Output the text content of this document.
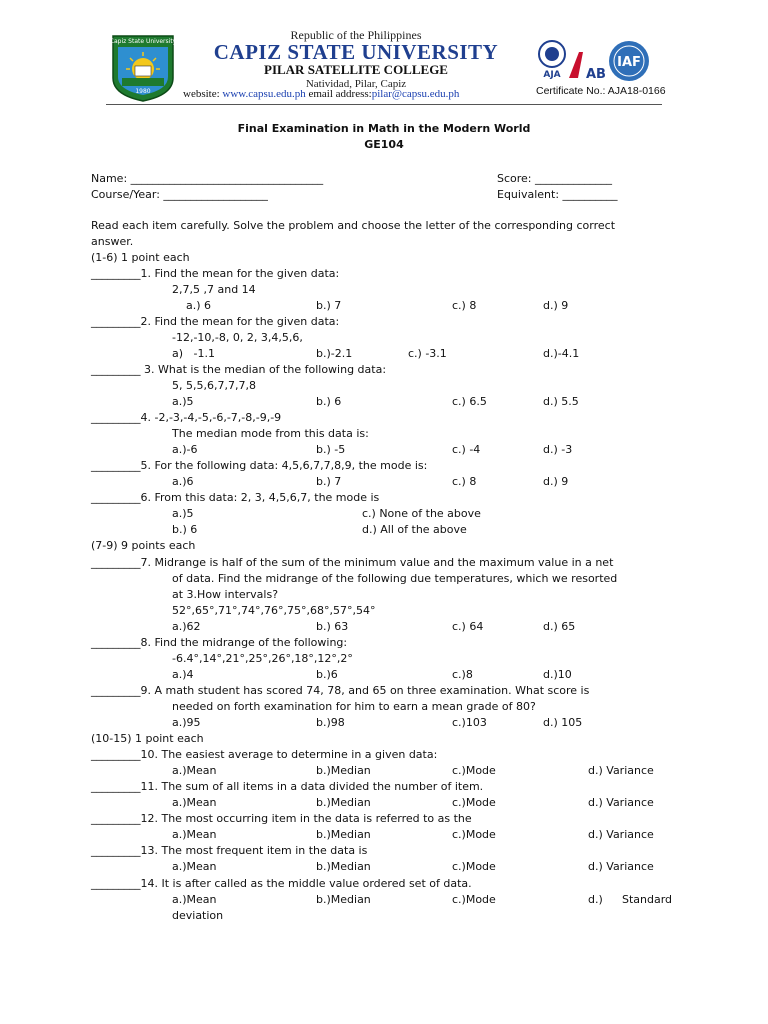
Capiz State University
1980
Republic of the Philippines
CAPIZ STATE UNIVERSITY
PILAR SATELLITE COLLEGE
Natividad, Pilar, Capiz
website: www.capsu.edu.ph email address:pilar@capsu.edu.ph
AJA AB
IAF
Certificate No.: AJA18-0166
Final Examination in Math in the Modern World
GE104
Name: ___________________________________	Score: ______________
Course/Year: ___________________	Equivalent: __________
Read each item carefully. Solve the problem and choose the letter of the corresponding correct
answer.
(1-6) 1 point each
_________1. Find the mean for the given data:
2,7,5 ,7 and 14
a.) 6	b.) 7	c.) 8	d.) 9
_________2. Find the mean for the given data:
-12,-10,-8, 0, 2, 3,4,5,6,
a)   -1.1	b.)-2.1	c.) -3.1	d.)-4.1
_________ 3. What is the median of the following data:
5, 5,5,6,7,7,7,8
a.)5	b.) 6	c.) 6.5	d.) 5.5
_________4. -2,-3,-4,-5,-6,-7,-8,-9,-9
The median mode from this data is:
a.)-6	b.) -5	c.) -4	d.) -3
_________5. For the following data: 4,5,6,7,7,8,9, the mode is:
a.)6	b.) 7	c.) 8	d.) 9
_________6. From this data: 2, 3, 4,5,6,7, the mode is
a.)5	c.) None of the above
b.) 6	d.) All of the above
(7-9) 9 points each
_________7. Midrange is half of the sum of the minimum value and the maximum value in a net
of data. Find the midrange of the following due temperatures, which we resorted
at 3.How intervals?
52°,65°,71°,74°,76°,75°,68°,57°,54°
a.)62	b.) 63	c.) 64	d.) 65
_________8. Find the midrange of the following:
-6.4°,14°,21°,25°,26°,18°,12°,2°
a.)4	b.)6	c.)8	d.)10
_________9. A math student has scored 74, 78, and 65 on three examination. What score is
needed on forth examination for him to earn a mean grade of 80?
a.)95	b.)98	c.)103	d.) 105
(10-15) 1 point each
_________10. The easiest average to determine in a given data:
a.)Mean	b.)Median	c.)Mode	d.) Variance
_________11. The sum of all items in a data divided the number of item.
a.)Mean	b.)Median	c.)Mode	d.) Variance
_________12. The most occurring item in the data is referred to as the
a.)Mean	b.)Median	c.)Mode	d.) Variance
_________13. The most frequent item in the data is
a.)Mean	b.)Median	c.)Mode	d.) Variance
_________14. It is after called as the middle value ordered set of data.
a.)Mean	b.)Median	c.)Mode	d.) Standard
deviation
